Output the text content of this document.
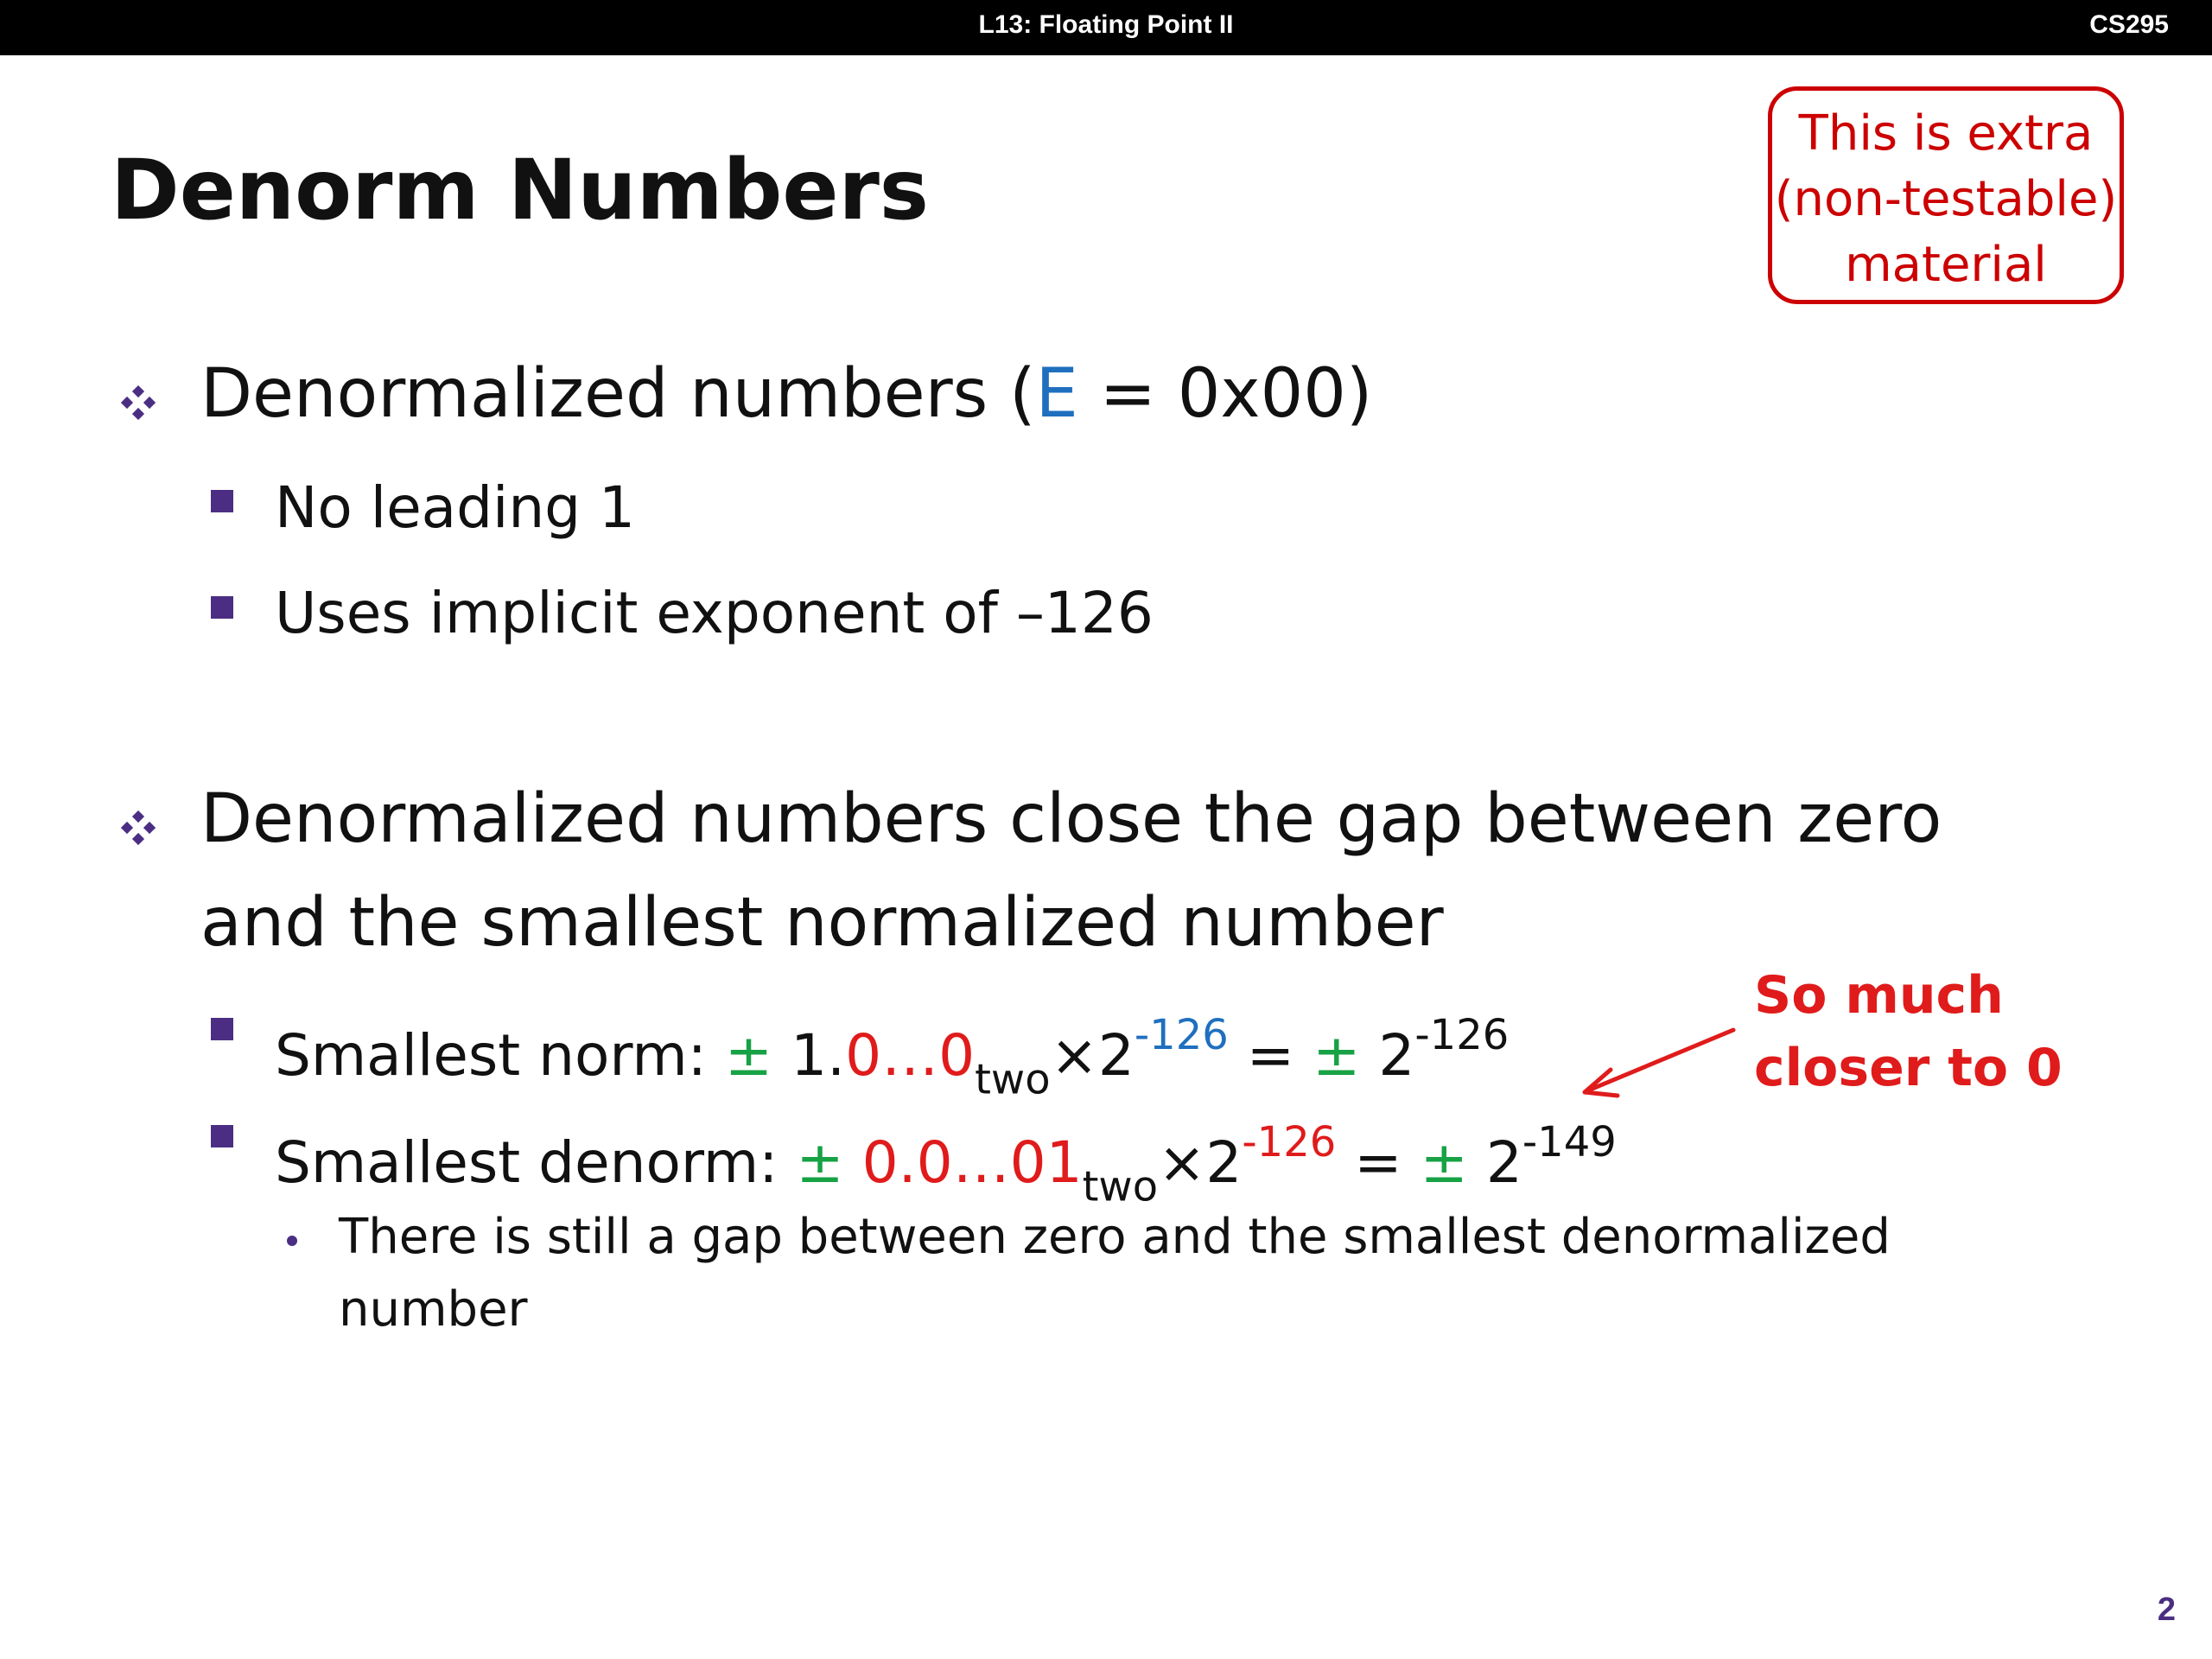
L13: Floating Point II	CS295
Denorm Numbers
This is extra
(non-testable)
material
Denormalized numbers (E = 0x00)
No leading 1
Uses implicit exponent of –126
Denormalized numbers close the gap between zero
and the smallest normalized number
Smallest norm: ± $1.0\dots 0_{two}\times 2^{-126}$ = ± $2^{-126}$
Smallest denorm: ± $0.0\dots 01_{two}\times 2^{-126}$ = ± $2^{-149}$
There is still a gap between zero and the smallest denormalized
number
So much
closer to 0
2
